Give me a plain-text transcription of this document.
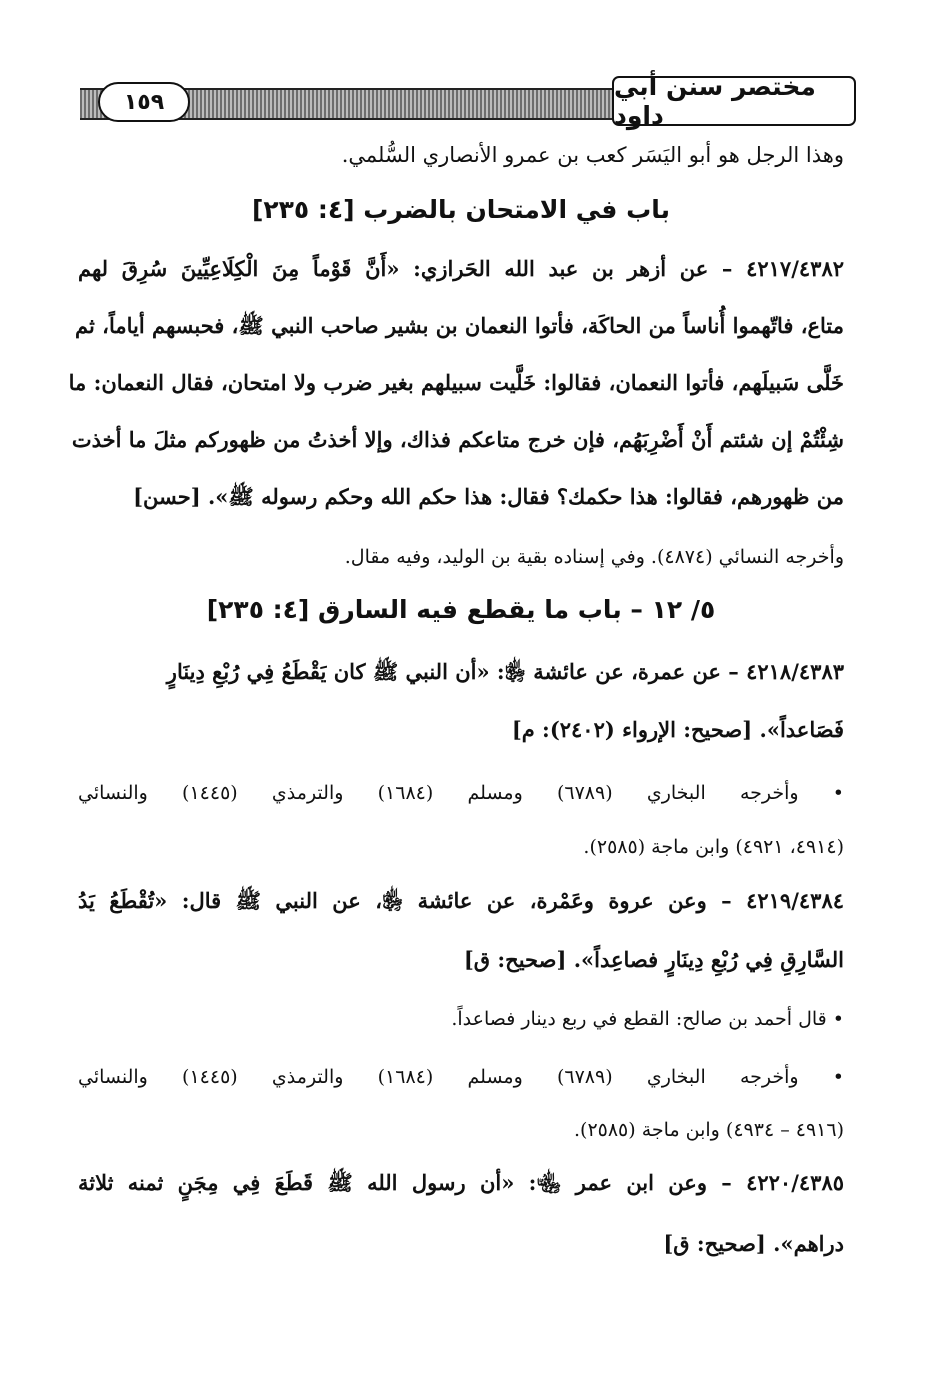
مختصر سنن أبي داود
١٥٩
وهذا الرجل هو أبو اليَسَر كعب بن عمرو الأنصاري السُّلمي.
باب في الامتحان بالضرب [٤: ٢٣٥]
٤٢١٧/٤٣٨٢ – عن أزهر بن عبد الله الحَرازي: «أَنَّ قَوْماً مِنَ الْكِلَاعِيِّينَ سُرِقَ لهم
متاع، فاتّهموا أُناساً من الحاكَة، فأتوا النعمان بن بشير صاحب النبي ﷺ، فحبسهم أياماً، ثم
خَلَّى سَبيلَهم، فأتوا النعمان، فقالوا: خَلَّيت سبيلهم بغير ضرب ولا امتحان، فقال النعمان: ما
شِئْتُمْ إن شئتم أَنْ أَضْرِبَهُم، فإن خرج متاعكم فذاك، وإلا أخذتُ من ظهوركم مثلَ ما أخذت
من ظهورهم، فقالوا: هذا حكمك؟ فقال: هذا حكم الله وحكم رسوله ﷺ». [حسن]
وأخرجه النسائي (٤٨٧٤). وفي إسناده بقية بن الوليد، وفيه مقال.
٥/ ١٢ – باب ما يقطع فيه السارق [٤: ٢٣٥]
٤٢١٨/٤٣٨٣ – عن عمرة، عن عائشة ﵂: «أن النبي ﷺ كان يَقْطَعُ فِي رُبْعِ دِينَارٍ
فَصَاعداً». [صحيح: الإرواء (٢٤٠٢): م]
• وأخرجه البخاري (٦٧٨٩) ومسلم (١٦٨٤) والترمذي (١٤٤٥) والنسائي
(٤٩١٤، ٤٩٢١) وابن ماجة (٢٥٨٥).
٤٢١٩/٤٣٨٤ – وعن عروة وعَمْرة، عن عائشة ﵂، عن النبي ﷺ قال: «تُقْطَعُ يَدُ
السَّارِقِ فِي رُبْعِ دِينَارٍ فصاعِداً». [صحيح: ق]
• قال أحمد بن صالح: القطع في ربع دينار فصاعداً.
• وأخرجه البخاري (٦٧٨٩) ومسلم (١٦٨٤) والترمذي (١٤٤٥) والنسائي
(٤٩١٦ – ٤٩٣٤) وابن ماجة (٢٥٨٥).
٤٢٢٠/٤٣٨٥ – وعن ابن عمر ﵄: «أن رسول الله ﷺ قَطَعَ فِي مِجَنٍ ثمنه ثلاثة
دراهم». [صحيح: ق]
